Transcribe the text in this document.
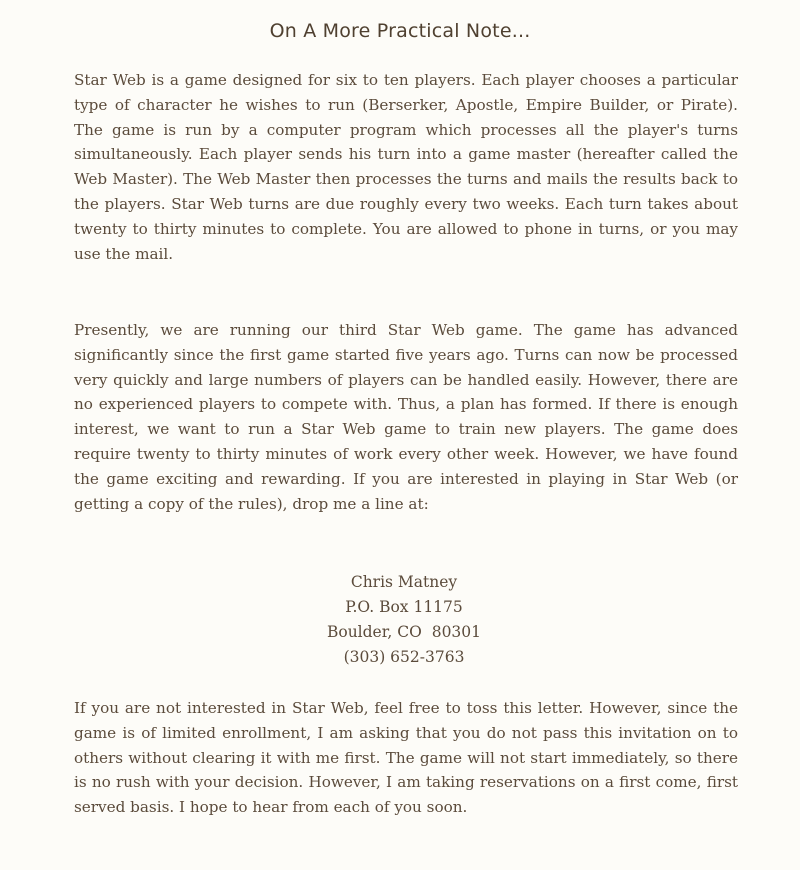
On A More Practical Note...
Star Web is a game designed for six to ten players. Each player chooses a particular type of character he wishes to run (Berserker, Apostle, Empire Builder, or Pirate). The game is run by a computer program which processes all the player's turns simultaneously. Each player sends his turn into a game master (hereafter called the Web Master). The Web Master then processes the turns and mails the results back to the players. Star Web turns are due roughly every two weeks. Each turn takes about twenty to thirty minutes to complete. You are allowed to phone in turns, or you may use the mail.
Presently, we are running our third Star Web game. The game has advanced significantly since the first game started five years ago. Turns can now be processed very quickly and large numbers of players can be handled easily. However, there are no experienced players to compete with. Thus, a plan has formed. If there is enough interest, we want to run a Star Web game to train new players. The game does require twenty to thirty minutes of work every other week. However, we have found the game exciting and rewarding. If you are interested in playing in Star Web (or getting a copy of the rules), drop me a line at:
Chris Matney
P.O. Box 11175
Boulder, CO  80301
(303) 652-3763
If you are not interested in Star Web, feel free to toss this letter. However, since the game is of limited enrollment, I am asking that you do not pass this invitation on to others without clearing it with me first. The game will not start immediately, so there is no rush with your decision. However, I am taking reservations on a first come, first served basis. I hope to hear from each of you soon.
